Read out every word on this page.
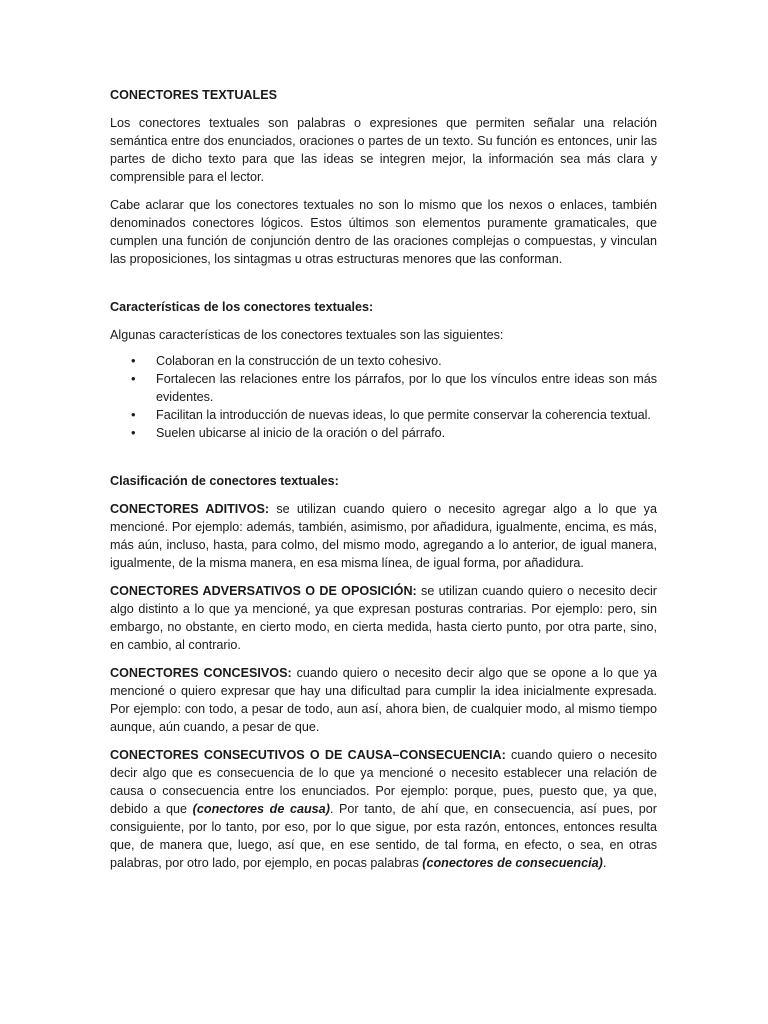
CONECTORES TEXTUALES

Los conectores textuales son palabras o expresiones que permiten señalar una relación semántica entre dos enunciados, oraciones o partes de un texto. Su función es entonces, unir las partes de dicho texto para que las ideas se integren mejor, la información sea más clara y comprensible para el lector.

Cabe aclarar que los conectores textuales no son lo mismo que los nexos o enlaces, también denominados conectores lógicos. Estos últimos son elementos puramente gramaticales, que cumplen una función de conjunción dentro de las oraciones complejas o compuestas, y vinculan las proposiciones, los sintagmas u otras estructuras menores que las conforman.

Características de los conectores textuales:

Algunas características de los conectores textuales son las siguientes:

• Colaboran en la construcción de un texto cohesivo.
• Fortalecen las relaciones entre los párrafos, por lo que los vínculos entre ideas son más evidentes.
• Facilitan la introducción de nuevas ideas, lo que permite conservar la coherencia textual.
• Suelen ubicarse al inicio de la oración o del párrafo.

Clasificación de conectores textuales:

CONECTORES ADITIVOS: se utilizan cuando quiero o necesito agregar algo a lo que ya mencioné. Por ejemplo: además, también, asimismo, por añadidura, igualmente, encima, es más, más aún, incluso, hasta, para colmo, del mismo modo, agregando a lo anterior, de igual manera, igualmente, de la misma manera, en esa misma línea, de igual forma, por añadidura.

CONECTORES ADVERSATIVOS O DE OPOSICIÓN: se utilizan cuando quiero o necesito decir algo distinto a lo que ya mencioné, ya que expresan posturas contrarias. Por ejemplo: pero, sin embargo, no obstante, en cierto modo, en cierta medida, hasta cierto punto, por otra parte, sino, en cambio, al contrario.

CONECTORES CONCESIVOS: cuando quiero o necesito decir algo que se opone a lo que ya mencioné o quiero expresar que hay una dificultad para cumplir la idea inicialmente expresada. Por ejemplo: con todo, a pesar de todo, aun así, ahora bien, de cualquier modo, al mismo tiempo aunque, aún cuando, a pesar de que.

CONECTORES CONSECUTIVOS O DE CAUSA–CONSECUENCIA: cuando quiero o necesito decir algo que es consecuencia de lo que ya mencioné o necesito establecer una relación de causa o consecuencia entre los enunciados. Por ejemplo: porque, pues, puesto que, ya que, debido a que (conectores de causa). Por tanto, de ahí que, en consecuencia, así pues, por consiguiente, por lo tanto, por eso, por lo que sigue, por esta razón, entonces, entonces resulta que, de manera que, luego, así que, en ese sentido, de tal forma, en efecto, o sea, en otras palabras, por otro lado, por ejemplo, en pocas palabras (conectores de consecuencia).
